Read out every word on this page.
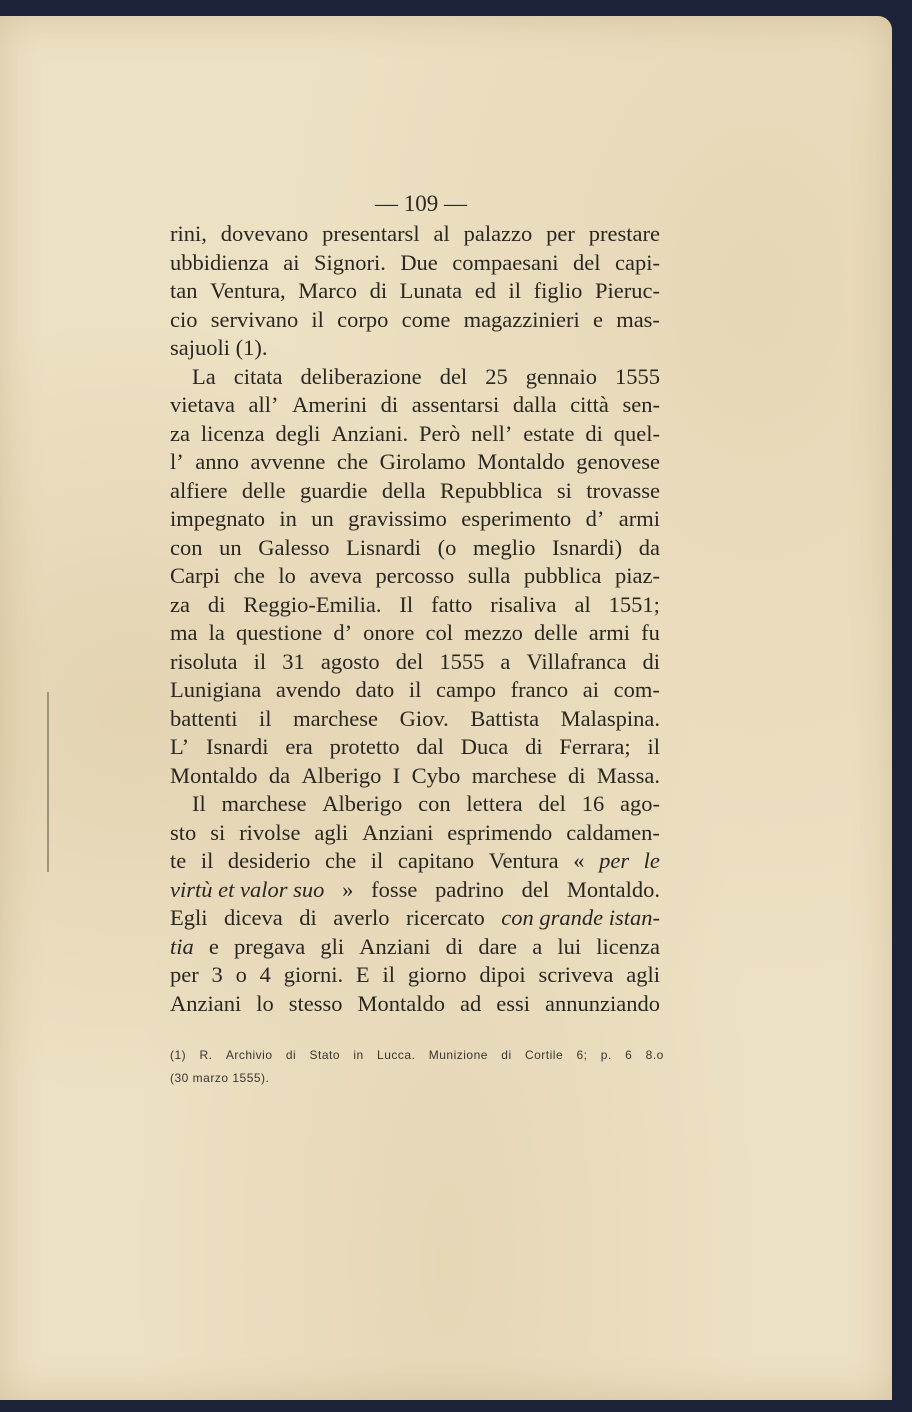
— 109 —
rini, dovevano presentarsl al palazzo per prestare
ubbidienza ai Signori. Due compaesani del capi-
tan Ventura, Marco di Lunata ed il figlio Pieruc-
cio servivano il corpo come magazzinieri e mas-
sajuoli (1).
La citata deliberazione del 25 gennaio 1555
vietava all’ Amerini di assentarsi dalla città sen-
za licenza degli Anziani. Però nell’ estate di quel-
l’ anno avvenne che Girolamo Montaldo genovese
alfiere delle guardie della Repubblica si trovasse
impegnato in un gravissimo esperimento d’ armi
con un Galesso Lisnardi (o meglio Isnardi) da
Carpi che lo aveva percosso sulla pubblica piaz-
za di Reggio-Emilia. Il fatto risaliva al 1551;
ma la questione d’ onore col mezzo delle armi fu
risoluta il 31 agosto del 1555 a Villafranca di
Lunigiana avendo dato il campo franco ai com-
battenti il marchese Giov. Battista Malaspina.
L’ Isnardi era protetto dal Duca di Ferrara; il
Montaldo da Alberigo I Cybo marchese di Massa.
Il marchese Alberigo con lettera del 16 ago-
sto si rivolse agli Anziani esprimendo caldamen-
te il desiderio che il capitano Ventura « per le
virtù et valor suo » fosse padrino del Montaldo.
Egli diceva di averlo ricercato con grande istan-
tia e pregava gli Anziani di dare a lui licenza
per 3 o 4 giorni. E il giorno dipoi scriveva agli
Anziani lo stesso Montaldo ad essi annunziando
(1) R. Archivio di Stato in Lucca. Munizione di Cortile 6; p. 6 8.o
(30 marzo 1555).
